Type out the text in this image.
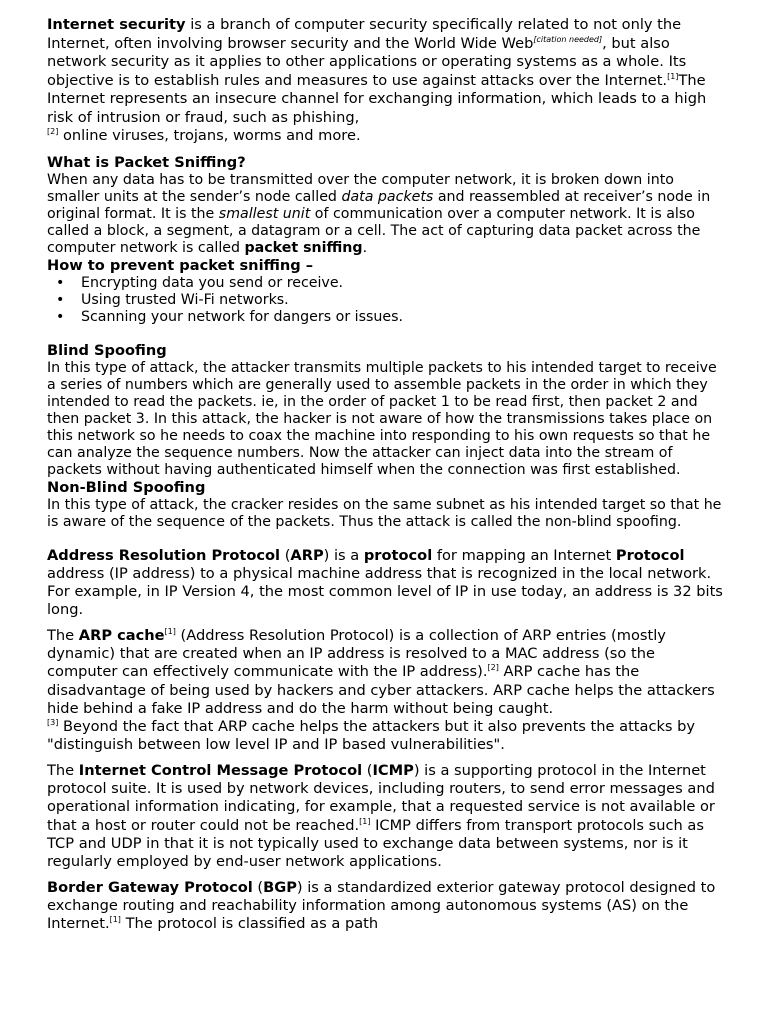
Internet security is a branch of computer security specifically related to not only the Internet, often involving browser security and the World Wide Web[citation needed], but also network security as it applies to other applications or operating systems as a whole. Its objective is to establish rules and measures to use against attacks over the Internet.[1]The Internet represents an insecure channel for exchanging information, which leads to a high risk of intrusion or fraud, such as phishing,
[2] online viruses, trojans, worms and more.

What is Packet Sniffing?

When any data has to be transmitted over the computer network, it is broken down into smaller units at the sender’s node called data packets and reassembled at receiver’s node in original format. It is the smallest unit of communication over a computer network. It is also called a block, a segment, a datagram or a cell. The act of capturing data packet across the computer network is called packet sniffing.

How to prevent packet sniffing –
• Encrypting data you send or receive.
• Using trusted Wi-Fi networks.
• Scanning your network for dangers or issues.
Blind Spoofing

In this type of attack, the attacker transmits multiple packets to his intended target to receive a series of numbers which are generally used to assemble packets in the order in which they intended to read the packets. ie, in the order of packet 1 to be read first, then packet 2 and then packet 3. In this attack, the hacker is not aware of how the transmissions takes place on this network so he needs to coax the machine into responding to his own requests so that he can analyze the sequence numbers. Now the attacker can inject data into the stream of packets without having authenticated himself when the connection was first established.

Non-Blind Spoofing

In this type of attack, the cracker resides on the same subnet as his intended target so that he is aware of the sequence of the packets. Thus the attack is called the non-blind spoofing.

Address Resolution Protocol (ARP) is a protocol for mapping an Internet Protocol address (IP address) to a physical machine address that is recognized in the local network. For example, in IP Version 4, the most common level of IP in use today, an address is 32 bits long.

The ARP cache[1] (Address Resolution Protocol) is a collection of ARP entries (mostly dynamic) that are created when an IP address is resolved to a MAC address (so the computer can effectively communicate with the IP address).[2] ARP cache has the disadvantage of being used by hackers and cyber attackers. ARP cache helps the attackers hide behind a fake IP address and do the harm without being caught.
[3] Beyond the fact that ARP cache helps the attackers but it also prevents the attacks by "distinguish between low level IP and IP based vulnerabilities".

The Internet Control Message Protocol (ICMP) is a supporting protocol in the Internet protocol suite. It is used by network devices, including routers, to send error messages and operational information indicating, for example, that a requested service is not available or that a host or router could not be reached.[1] ICMP differs from transport protocols such as TCP and UDP in that it is not typically used to exchange data between systems, nor is it regularly employed by end-user network applications.

Border Gateway Protocol (BGP) is a standardized exterior gateway protocol designed to exchange routing and reachability information among autonomous systems (AS) on the Internet.[1] The protocol is classified as a path
